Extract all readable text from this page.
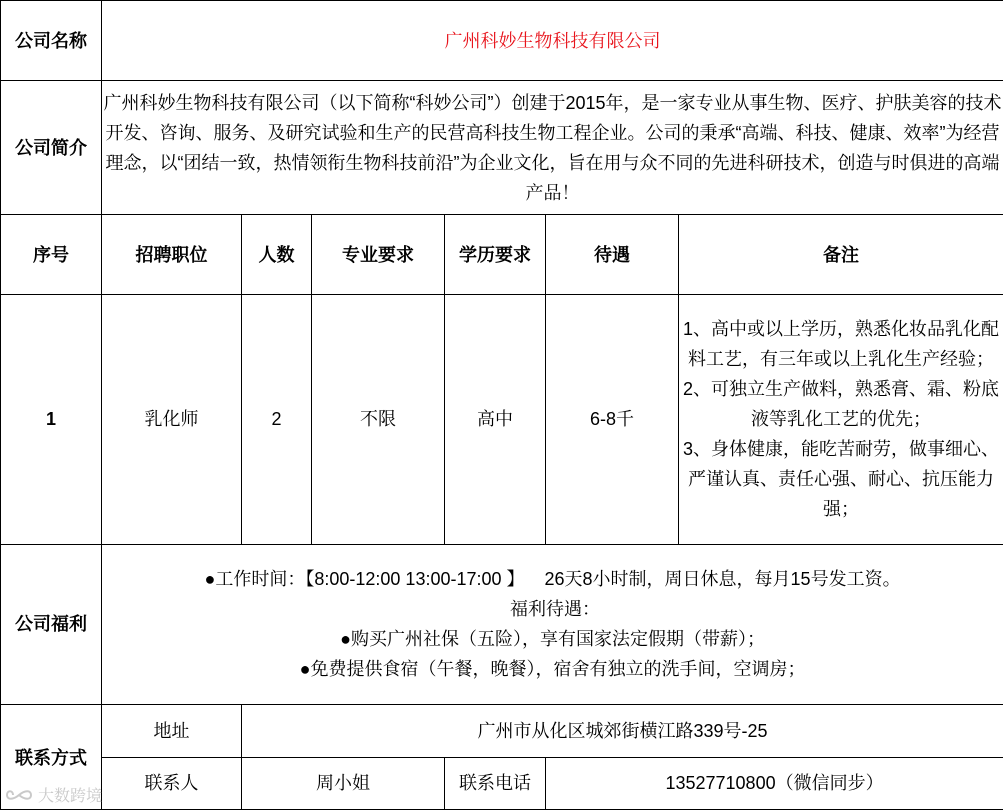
公司名称	广州科妙生物科技有限公司					
公司简介	广州科妙生物科技有限公司（以下简称“科妙公司”）创建于2015年，是一家专业从事生物、医疗、护肤美容的技术开发、咨询、服务、及研究试验和生产的民营高科技生物工程企业。公司的秉承“高端、科技、健康、效率”为经营理念，以“团结一致，热情领衔生物科技前沿”为企业文化，旨在用与众不同的先进科研技术，创造与时俱进的高端产品！					
序号	招聘职位	人数	专业要求	学历要求	待遇	备注
1	乳化师	2	不限	高中	6-8千	1、高中或以上学历，熟悉化妆品乳化配料工艺，有三年或以上乳化生产经验；
2、可独立生产做料，熟悉膏、霜、粉底液等乳化工艺的优先；
3、身体健康，能吃苦耐劳，做事细心、严谨认真、责任心强、耐心、抗压能力强；
公司福利	●工作时间：【8:00-12:00 13:00-17:00 】    26天8小时制，周日休息，每月15号发工资。
福利待遇：
●购买广州社保（五险），享有国家法定假期（带薪）；
●免费提供食宿（午餐，晚餐），宿舍有独立的洗手间，空调房；					

联系方式	地址	广州市从化区城郊街横江路339号-25				
	联系人	周小姐		联系电话	13527710800（微信同步）	
大数跨境
